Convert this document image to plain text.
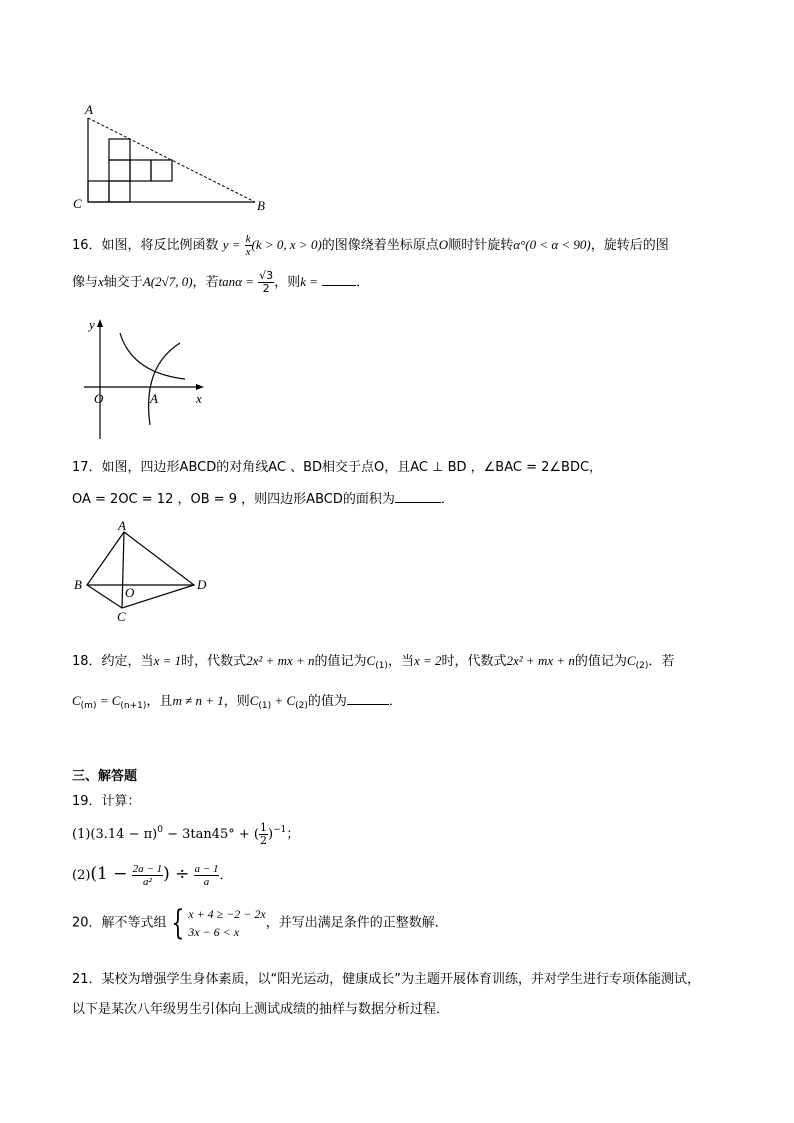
A
B
C
16．如图，将反比例函数 $y = \frac{k}{x} (k > 0$, x > 0)的图像绕着坐标原点O顺时针旋转α°(0 < α < 90)，旋转后的图
像与x轴交于A(2√7, 0)，若$\tan\alpha = \frac{√3}{2}$ ，则k =	．
y
x
O	A
17．如图，四边形ABCD的对角线AC 、BD相交于点O，且AC ⊥ BD ，∠BAC = 2∠BDC，
OA = 2OC = 12 ，OB = 9 ，则四边形ABCD的面积为	．
A
B
C
D
O
18．约定，当x = 1时，代数式2x² + mx + n的值记为$C_{(1)}$，当x = 2时，代数式2x² + mx + n的值记为$C_{(2)}$．若
$C_{(m)} = C_{(n+1)}$，且m ≠ n + 1，则$C_{(1)} + C_{(2)}$的值为	．
三、解答题
19．计算：
$(1)(3.14 - \pi)^0 - 3\tan 45^\circ$ + ( $\frac{1}{2} )^{-1}$；
$(2)(1 - \frac{2a - 1}{\text{a²}}$ ) ÷ $\frac{a - 1}{a}$ ．
20．解不等式组 { x + 4 ≥ −2 − 2x
3x − 6 < x
，并写出满足条件的正整数解．
21．某校为增强学生身体素质，以“阳光运动，健康成长”为主题开展体育训练，并对学生进行专项体能测试，
以下是某次八年级男生引体向上测试成绩的抽样与数据分析过程．
